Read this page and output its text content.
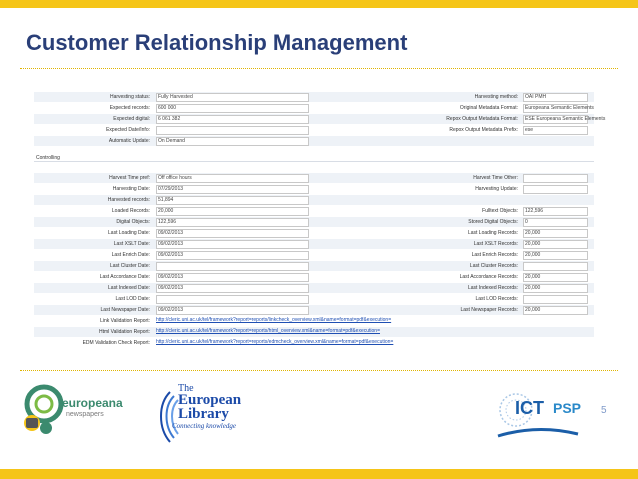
Customer Relationship Management
Harvesting status:	Fully Harvested	Harvesting method:	OAI PMH
Expected records:	600 000	Original Metadata Format:	Europeana Semantic Elements
Expected digital:	6 061 382	Repox Output Metadata Format:	ESE Europeana Semantic Elements
Expected Date/Info:	Repox Output Metadata Prefix:	ese
Automatic Update:	On Demand
Controlling
Harvest Time pref:	Off office hours	Harvest Time Other:
Harvesting Date:	07/29/2013	Harvesting Update:
Harvested records:	51,894
Loaded Records:	20,000	Fulltext Objects:	122,596
Digital Objects:	122,596	Stored Digital Objects:	0
Last Loading Date:	09/02/2013	Last Loading Records:	20,000
Last XSLT Date:	09/02/2013	Last XSLT Records:	20,000
Last Enrich Date:	09/02/2013	Last Enrich Records:	20,000
Last Cluster Date:	Last Cluster Records:
Last Accordance Date:	09/02/2013	Last Accordance Records:	20,000
Last Indexed Date:	09/02/2013	Last Indexed Records:	20,000
Last LOD Date:	Last LOD Records:
Last Newspaper Date:	09/02/2013	Last Newspaper Records:	20,000
Link Validation Report: http://cleric.uni.ac.uk/tel/framework?report=reports/linkcheck_overview.xml&name=format=pdf&execution=
Html Validation Report: http://cleric.uni.ac.uk/tel/framework?report=reports/html_overview.xml&name=format=pdf&execution=
EDM Validation Check Report: http://cleric.uni.ac.uk/tel/framework?report=reports/edmcheck_overview.xml&name=format=pdf&execution=
europeana
newspapers
The
European
Library
Connecting knowledge
ICT PSP 5
